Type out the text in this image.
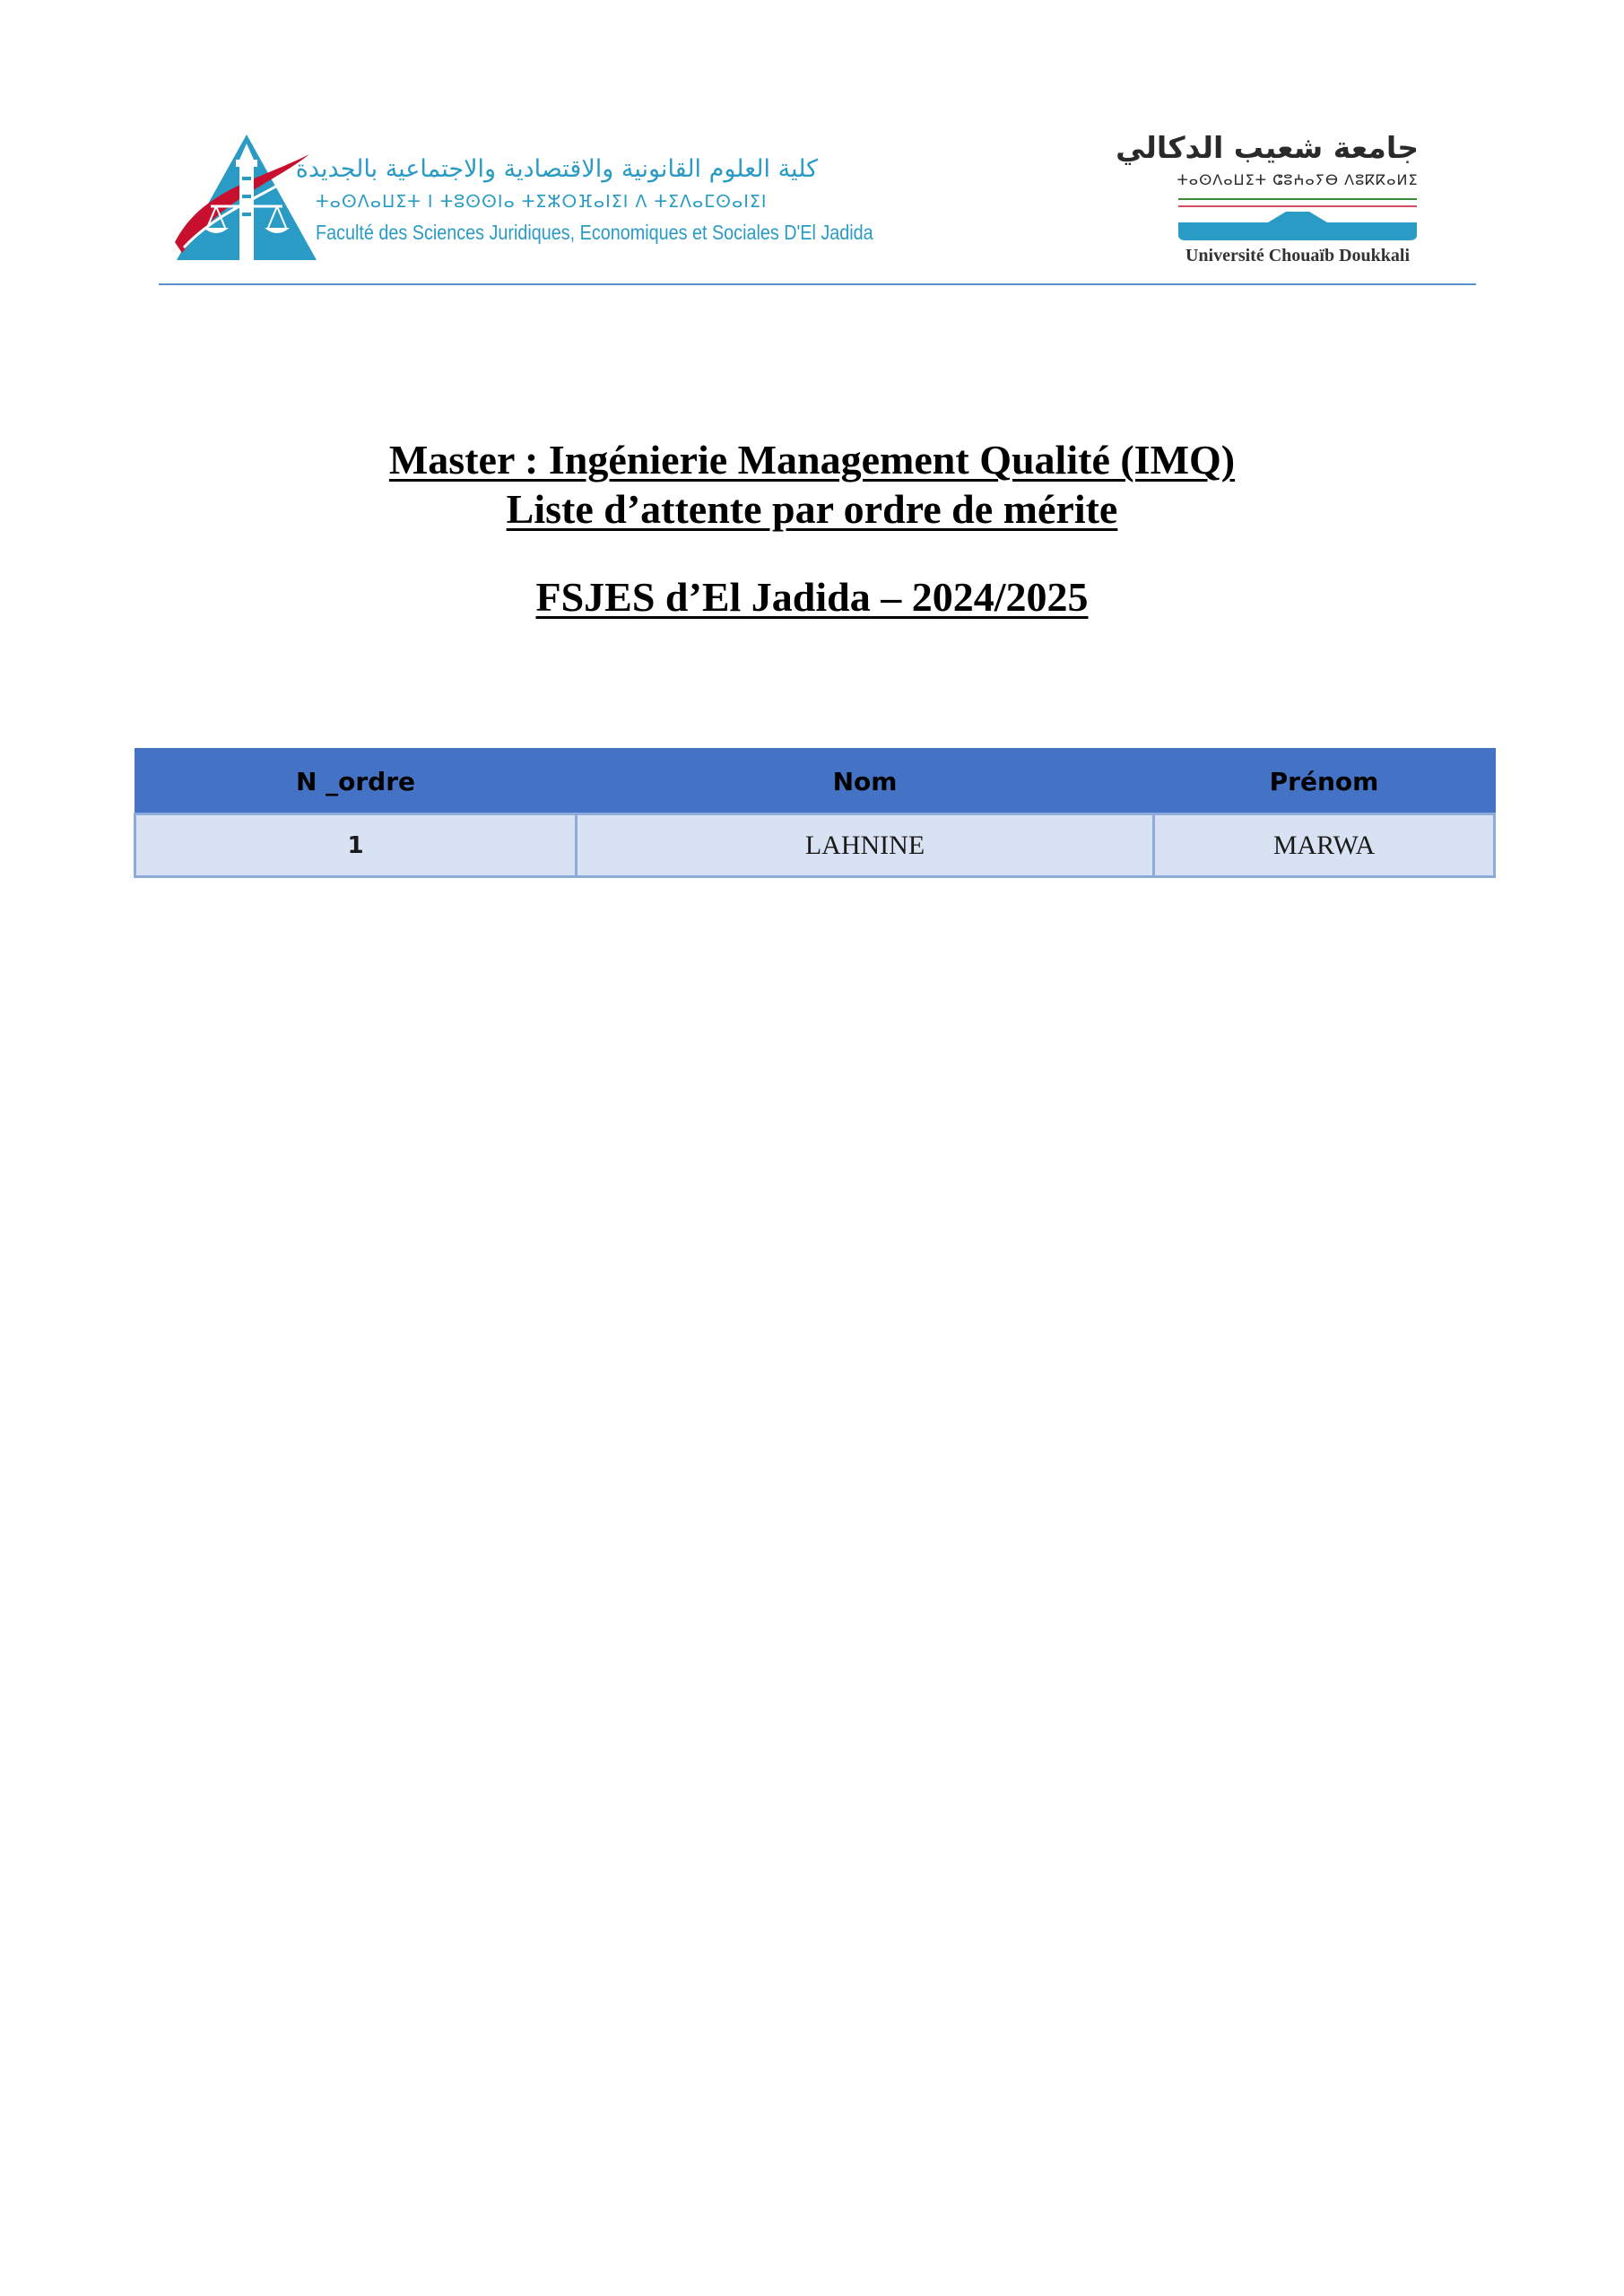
كلية العلوم القانونية والاقتصادية والاجتماعية بالجديدة
ⵜⴰⵙⴷⴰⵡⵉⵜ ⵏ ⵜⵓⵙⵙⵏⴰ ⵜⵉⵣⵔⴼⴰⵏⵉⵏ ⴷ ⵜⵉⴷⴰⵎⵙⴰⵏⵉⵏ
Faculté des Sciences Juridiques, Economiques et Sociales D'El Jadida
جامعة شعيب الدكالي
ⵜⴰⵙⴷⴰⵡⵉⵜ ⵛⵓⵄⴰⵢⴱ ⴷⵓⴽⴽⴰⵍⵉ
Université Chouaïb Doukkali
Master : Ingénierie Management Qualité (IMQ)
Liste d’attente par ordre de mérite
FSJES d’El Jadida – 2024/2025
N _ordre	Nom	Prénom
1	LAHNINE	MARWA
